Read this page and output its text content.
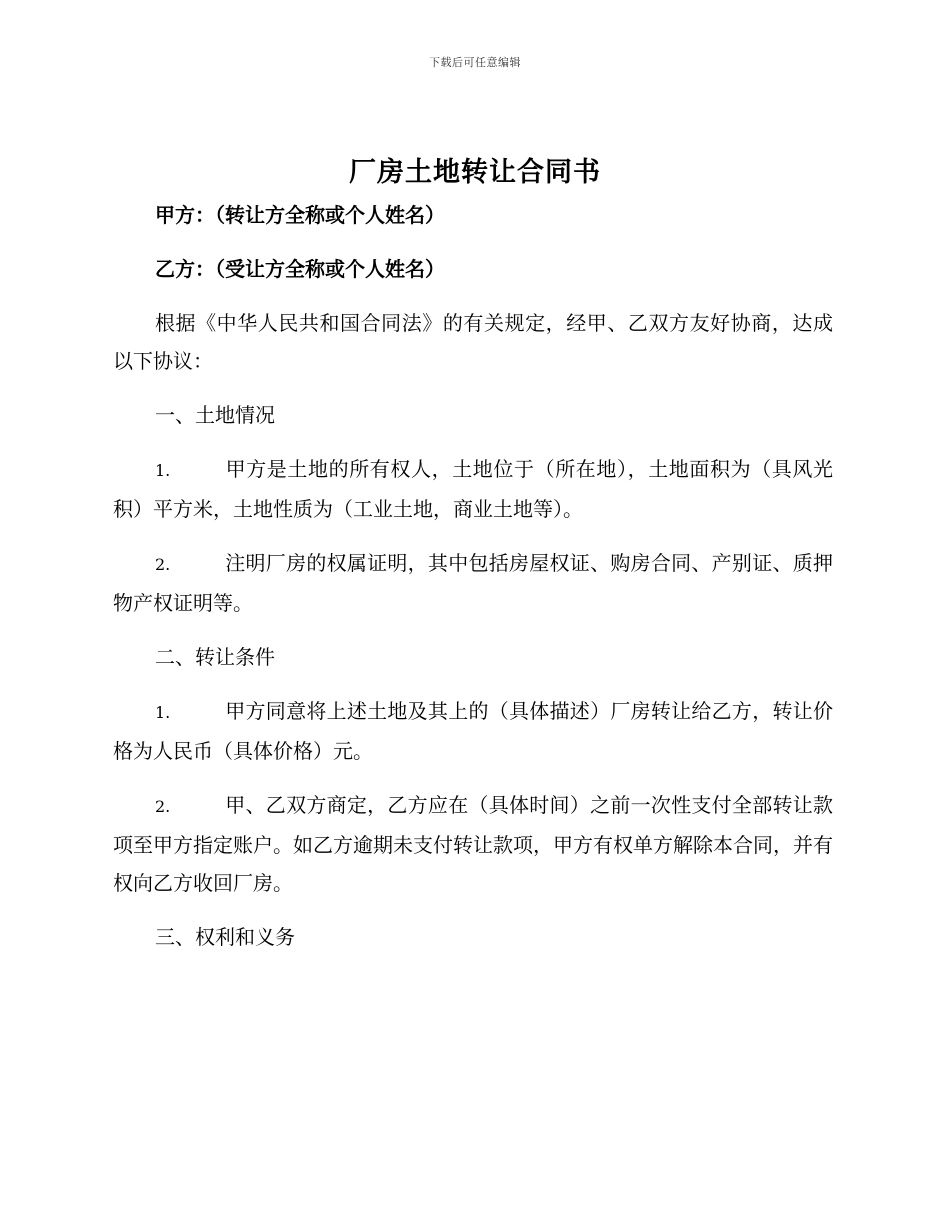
下载后可任意编辑
厂房土地转让合同书

甲方：（转让方全称或个人姓名）

乙方：（受让方全称或个人姓名）

根据《中华人民共和国合同法》的有关规定，经甲、乙双方友好协商，达成以下协议：

一、土地情况

1.	甲方是土地的所有权人，土地位于（所在地），土地面积为（具风光积）平方米，土地性质为（工业土地，商业土地等）。

2.	注明厂房的权属证明，其中包括房屋权证、购房合同、产别证、质押物产权证明等。

二、转让条件

1.	甲方同意将上述土地及其上的（具体描述）厂房转让给乙方，转让价格为人民币（具体价格）元。

2.	甲、乙双方商定，乙方应在（具体时间）之前一次性支付全部转让款项至甲方指定账户。如乙方逾期未支付转让款项，甲方有权单方解除本合同，并有权向乙方收回厂房。

三、权利和义务
